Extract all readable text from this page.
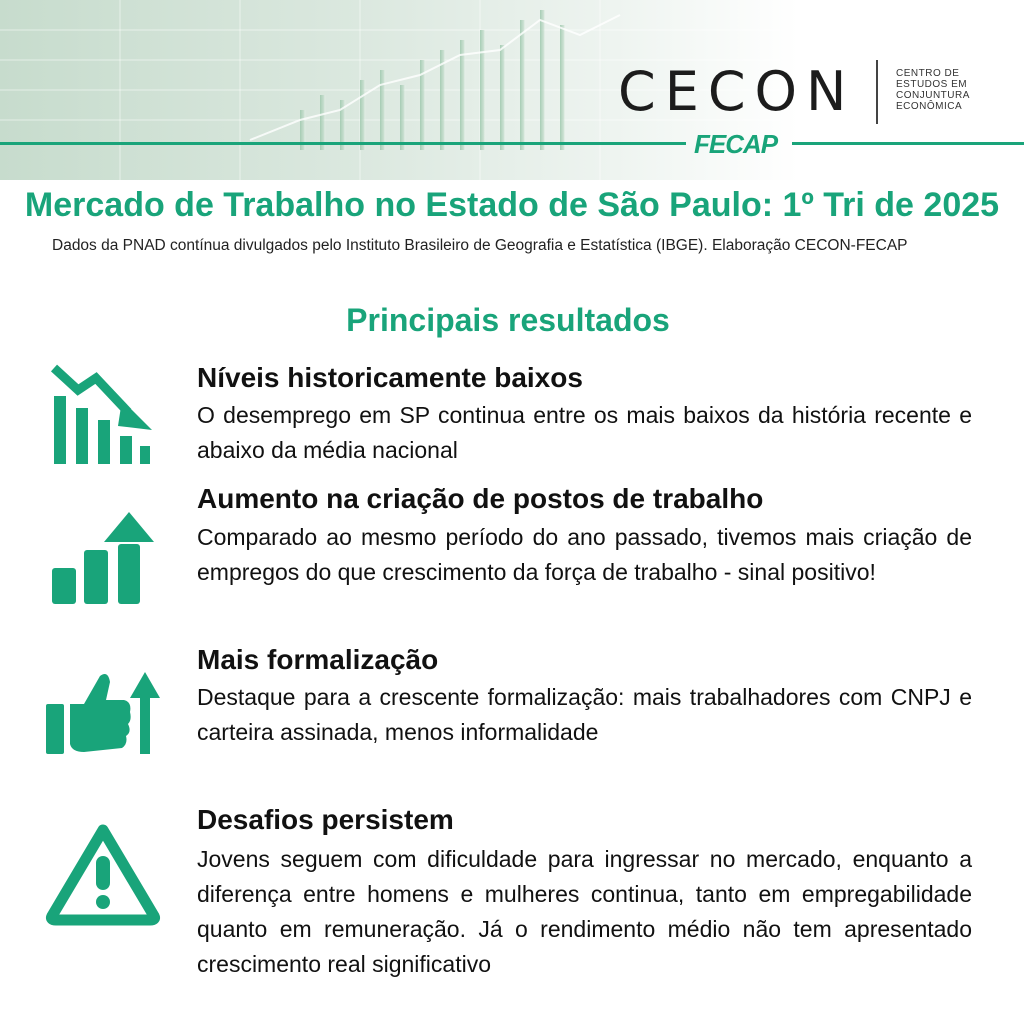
CECON	CENTRO DE
ESTUDOS EM
CONJUNTURA
ECONÔMICA
FECAP
Mercado de Trabalho no Estado de São Paulo: 1º Tri de 2025
Dados da PNAD contínua divulgados pelo Instituto Brasileiro de Geografia e Estatística (IBGE). Elaboração CECON-FECAP
Principais resultados
Níveis historicamente baixos
O desemprego em SP continua entre os mais baixos da história recente e abaixo da média nacional
Aumento na criação de postos de trabalho
Comparado ao mesmo período do ano passado, tivemos mais criação de empregos do que crescimento da força de trabalho - sinal positivo!
Mais formalização
Destaque para a crescente formalização: mais trabalhadores com CNPJ e carteira assinada, menos informalidade
Desafios persistem
Jovens seguem com dificuldade para ingressar no mercado, enquanto a diferença entre homens e mulheres continua, tanto em empregabilidade quanto em remuneração. Já o rendimento médio não tem apresentado crescimento real significativo
